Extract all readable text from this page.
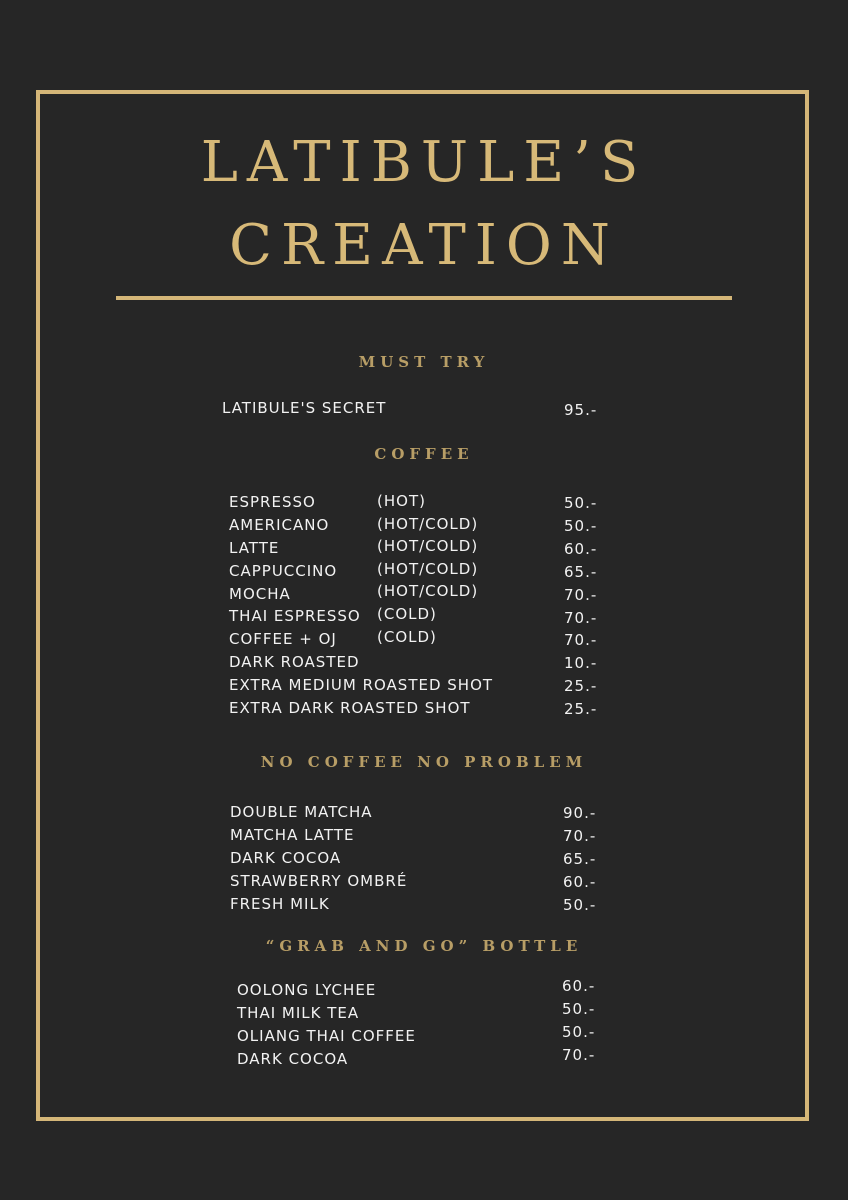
LATIBULE’S
CREATION
MUST TRY
LATIBULE'S SECRET	95.-
COFFEE
ESPRESSO	(HOT)	50.-
AMERICANO	(HOT/COLD)	50.-
LATTE	(HOT/COLD)	60.-
CAPPUCCINO	(HOT/COLD)	65.-
MOCHA	(HOT/COLD)	70.-
THAI ESPRESSO (COLD)	70.-
COFFEE + OJ	(COLD)	70.-
DARK ROASTED	10.-
EXTRA MEDIUM ROASTED SHOT	25.-
EXTRA DARK ROASTED SHOT	25.-
NO COFFEE NO PROBLEM
DOUBLE MATCHA	90.-
MATCHA LATTE	70.-
DARK COCOA	65.-
STRAWBERRY OMBRÉ	60.-
FRESH MILK	50.-
“GRAB AND GO” BOTTLE
OOLONG LYCHEE	60.-
THAI MILK TEA	50.-
OLIANG THAI COFFEE	50.-
DARK COCOA	70.-
